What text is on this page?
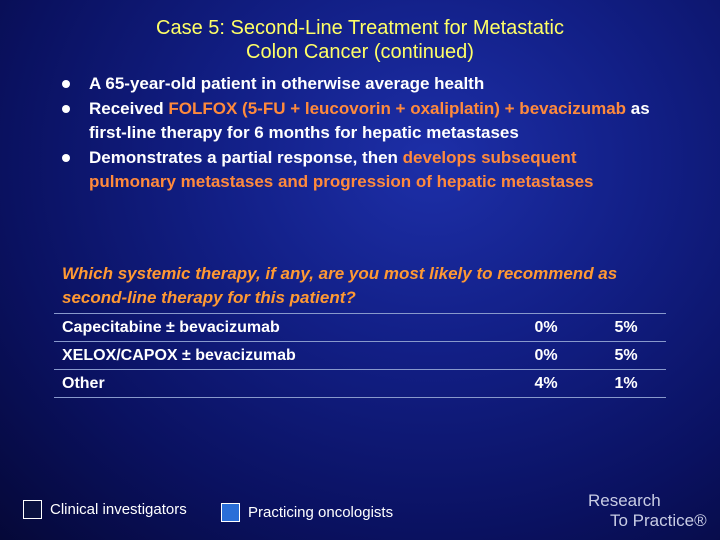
Case 5: Second-Line Treatment for Metastatic
Colon Cancer (continued)
A 65-year-old patient in otherwise average health
Received FOLFOX (5-FU + leucovorin + oxaliplatin) + bevacizumab as first-line therapy for 6 months for hepatic metastases
Demonstrates a partial response, then develops subsequent pulmonary metastases and progression of hepatic metastases
Which systemic therapy, if any, are you most likely to recommend as second-line therapy for this patient?
Capecitabine ± bevacizumab	0%	5%
XELOX/CAPOX ± bevacizumab	0%	5%
Other	4%	1%
Clinical investigators	Practicing oncologists
Research
To Practice®
